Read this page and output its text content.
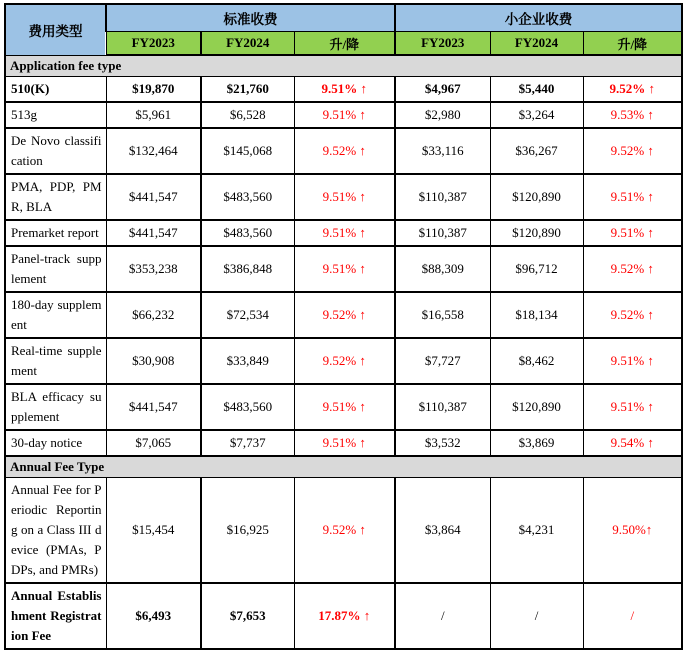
费用类型	标准收费			小企业收费		
	FY2023	FY2024	升/降	FY2023	FY2024	升/降
Application fee type						
510(K)	$19,870	$21,760	9.51% ↑	$4,967	$5,440	9.52% ↑
513g	$5,961	$6,528	9.51% ↑	$2,980	$3,264	9.53% ↑
De Novo classification	$132,464	$145,068	9.52% ↑	$33,116	$36,267	9.52% ↑
PMA, PDP, PMR, BLA	$441,547	$483,560	9.51% ↑	$110,387	$120,890	9.51% ↑
Premarket report	$441,547	$483,560	9.51% ↑	$110,387	$120,890	9.51% ↑
Panel-track supplement	$353,238	$386,848	9.51% ↑	$88,309	$96,712	9.52% ↑
180-day supplement	$66,232	$72,534	9.52% ↑	$16,558	$18,134	9.52% ↑
Real-time supplement	$30,908	$33,849	9.52% ↑	$7,727	$8,462	9.51% ↑
BLA efficacy supplement	$441,547	$483,560	9.51% ↑	$110,387	$120,890	9.51% ↑
30-day notice	$7,065	$7,737	9.51% ↑	$3,532	$3,869	9.54% ↑
Annual Fee Type						
Annual Fee for Periodic Reporting on a Class III device (PMAs, PDPs, and PMRs)	$15,454	$16,925	9.52% ↑	$3,864	$4,231	9.50%↑
Annual Establishment Registration Fee	$6,493	$7,653	17.87% ↑	/	/	/
